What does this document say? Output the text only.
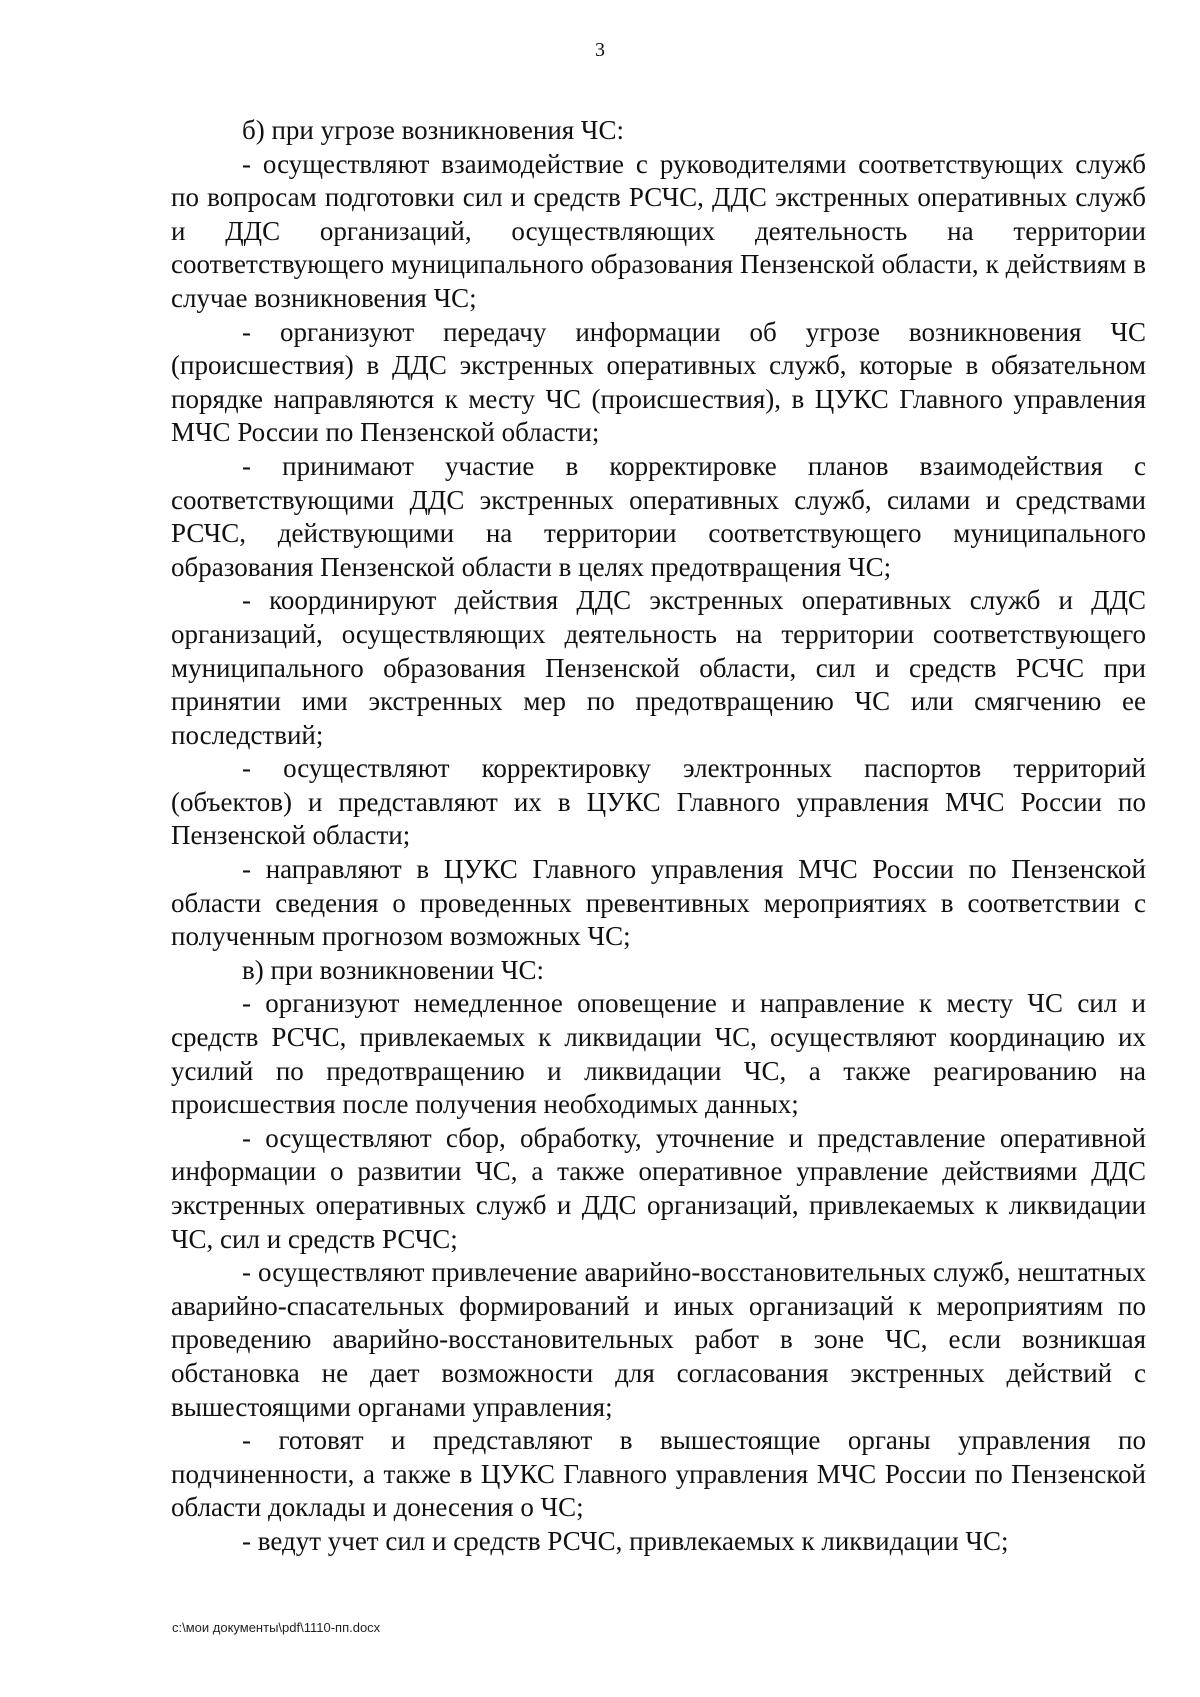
3

б) при угрозе возникновения ЧС:

- осуществляют взаимодействие с руководителями соответствующих служб по вопросам подготовки сил и средств РСЧС, ДДС экстренных оперативных служб и ДДС организаций, осуществляющих деятельность на территории соответствующего муниципального образования Пензенской области, к действиям в случае возникновения ЧС;

- организуют передачу информации об угрозе возникновения ЧС (происшествия) в ДДС экстренных оперативных служб, которые в обязательном порядке направляются к месту ЧС (происшествия), в ЦУКС Главного управления МЧС России по Пензенской области;

- принимают участие в корректировке планов взаимодействия с соответствующими ДДС экстренных оперативных служб, силами и средствами РСЧС, действующими на территории соответствующего муниципального образования Пензенской области в целях предотвращения ЧС;

- координируют действия ДДС экстренных оперативных служб и ДДС организаций, осуществляющих деятельность на территории соответствующего муниципального образования Пензенской области, сил и средств РСЧС при принятии ими экстренных мер по предотвращению ЧС или смягчению ее последствий;

- осуществляют корректировку электронных паспортов территорий (объектов) и представляют их в ЦУКС Главного управления МЧС России по Пензенской области;

- направляют в ЦУКС Главного управления МЧС России по Пензенской области сведения о проведенных превентивных мероприятиях в соответствии с полученным прогнозом возможных ЧС;

в) при возникновении ЧС:

- организуют немедленное оповещение и направление к месту ЧС сил и средств РСЧС, привлекаемых к ликвидации ЧС, осуществляют координацию их усилий по предотвращению и ликвидации ЧС, а также реагированию на происшествия после получения необходимых данных;

- осуществляют сбор, обработку, уточнение и представление оперативной информации о развитии ЧС, а также оперативное управление действиями ДДС экстренных оперативных служб и ДДС организаций, привлекаемых к ликвидации ЧС, сил и средств РСЧС;

- осуществляют привлечение аварийно-восстановительных служб, нештатных аварийно-спасательных формирований и иных организаций к мероприятиям по проведению аварийно-восстановительных работ в зоне ЧС, если возникшая обстановка не дает возможности для согласования экстренных действий с вышестоящими органами управления;

- готовят и представляют в вышестоящие органы управления по подчиненности, а также в ЦУКС Главного управления МЧС России по Пензенской области доклады и донесения о ЧС;

- ведут учет сил и средств РСЧС, привлекаемых к ликвидации ЧС;

c:\мои документы\pdf\1110-пп.docx
